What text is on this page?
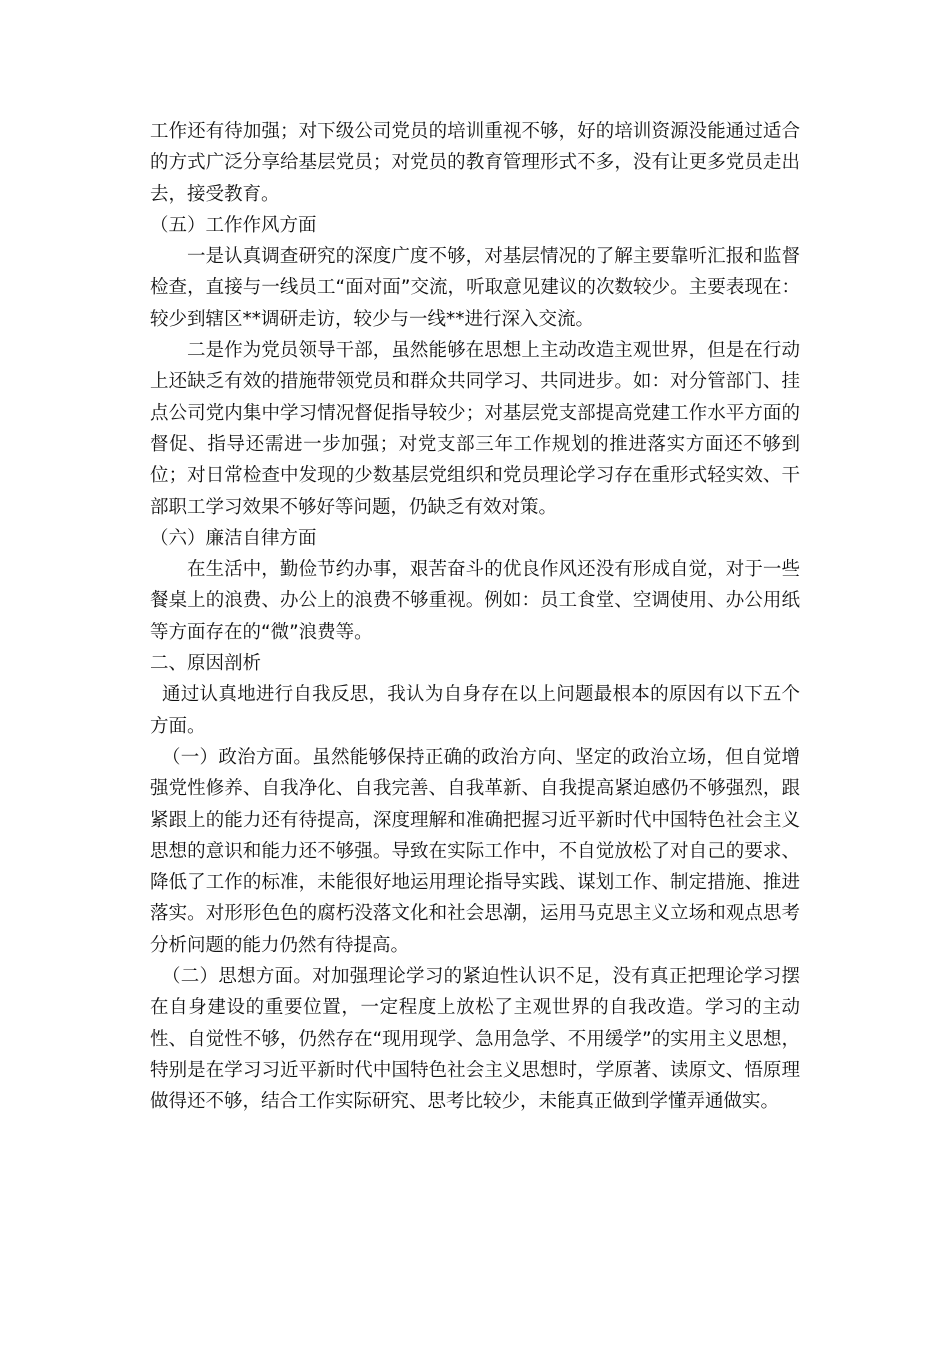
工作还有待加强；对下级公司党员的培训重视不够，好的培训资源没能通过适合的方式广泛分享给基层党员；对党员的教育管理形式不多，没有让更多党员走出去，接受教育。

（五）工作作风方面

一是认真调查研究的深度广度不够，对基层情况的了解主要靠听汇报和监督检查，直接与一线员工“面对面”交流，听取意见建议的次数较少。主要表现在：较少到辖区**调研走访，较少与一线**进行深入交流。

二是作为党员领导干部，虽然能够在思想上主动改造主观世界，但是在行动上还缺乏有效的措施带领党员和群众共同学习、共同进步。如：对分管部门、挂点公司党内集中学习情况督促指导较少；对基层党支部提高党建工作水平方面的督促、指导还需进一步加强；对党支部三年工作规划的推进落实方面还不够到位；对日常检查中发现的少数基层党组织和党员理论学习存在重形式轻实效、干部职工学习效果不够好等问题，仍缺乏有效对策。

（六）廉洁自律方面

在生活中，勤俭节约办事，艰苦奋斗的优良作风还没有形成自觉，对于一些餐桌上的浪费、办公上的浪费不够重视。例如：员工食堂、空调使用、办公用纸等方面存在的“微”浪费等。

二、原因剖析

通过认真地进行自我反思，我认为自身存在以上问题最根本的原因有以下五个方面。

（一）政治方面。虽然能够保持正确的政治方向、坚定的政治立场，但自觉增强党性修养、自我净化、自我完善、自我革新、自我提高紧迫感仍不够强烈，跟紧跟上的能力还有待提高，深度理解和准确把握习近平新时代中国特色社会主义思想的意识和能力还不够强。导致在实际工作中，不自觉放松了对自己的要求、降低了工作的标准，未能很好地运用理论指导实践、谋划工作、制定措施、推进落实。对形形色色的腐朽没落文化和社会思潮，运用马克思主义立场和观点思考分析问题的能力仍然有待提高。

（二）思想方面。对加强理论学习的紧迫性认识不足，没有真正把理论学习摆在自身建设的重要位置，一定程度上放松了主观世界的自我改造。学习的主动性、自觉性不够，仍然存在“现用现学、急用急学、不用缓学”的实用主义思想，特别是在学习习近平新时代中国特色社会主义思想时，学原著、读原文、悟原理做得还不够，结合工作实际研究、思考比较少，未能真正做到学懂弄通做实。
